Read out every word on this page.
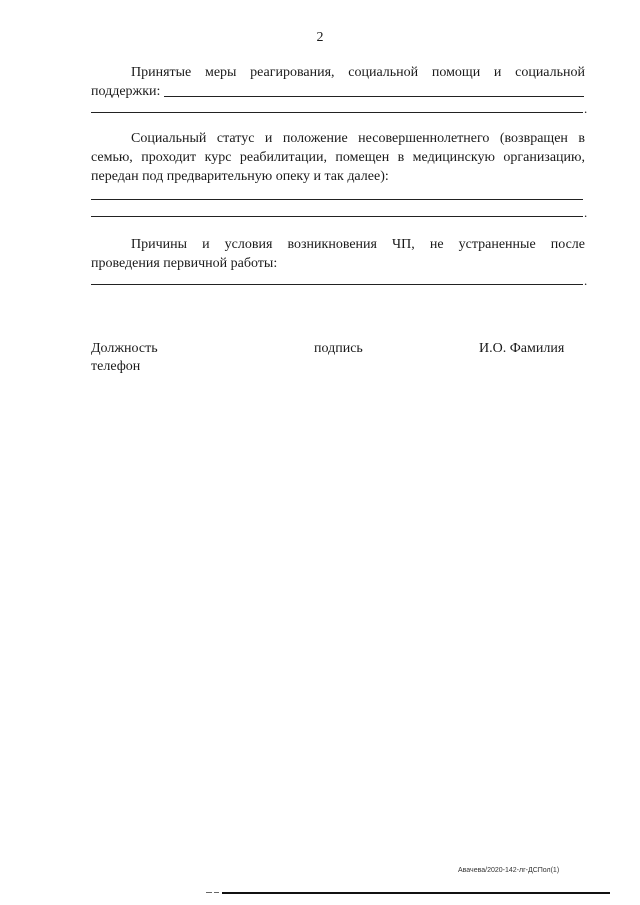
2
Принятые меры реагирования, социальной помощи и социальной
поддержки:
.
Социальный статус и положение несовершеннолетнего (возвращен в семью, проходит курс реабилитации, помещен в медицинскую организацию, передан под предварительную опеку и так далее):
.
Причины и условия возникновения ЧП, не устраненные после
проведения первичной работы:
.
Должность
телефон
подпись	И.О. Фамилия
Авачева/2020-142-лг-ДСПол(1)
